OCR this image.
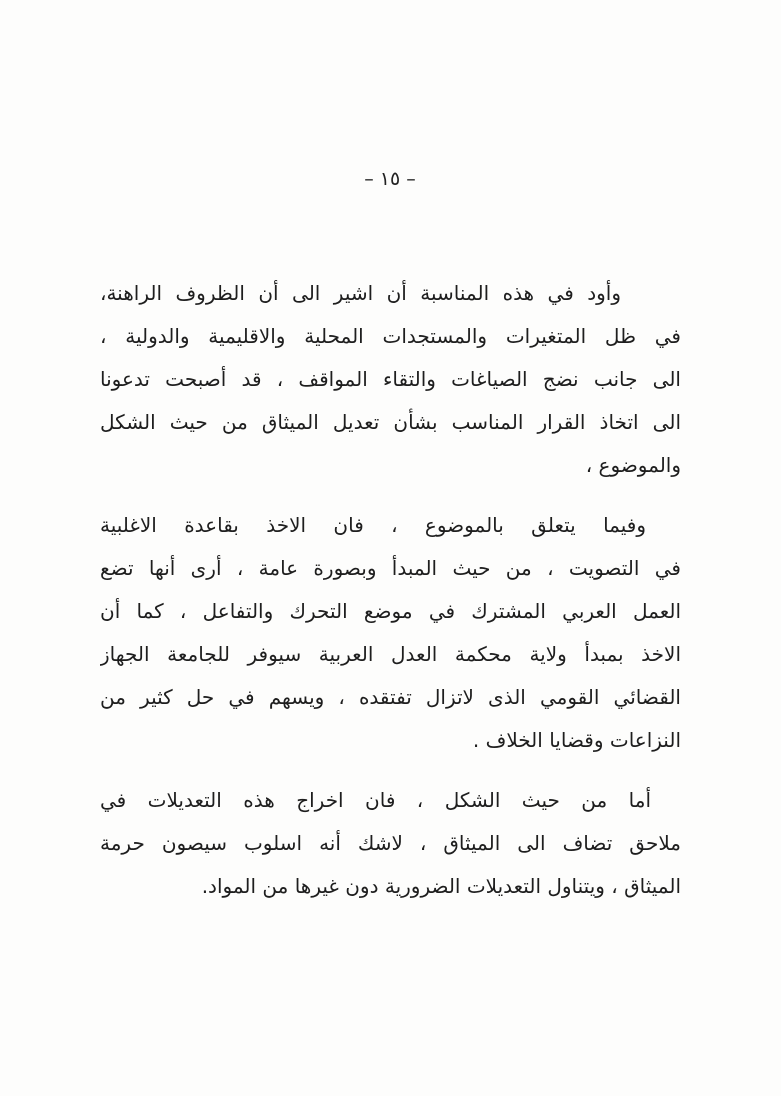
– ١٥ –
وأود في هذه المناسبة أن اشير الى أن الظروف الراهنة،
في ظل المتغيرات والمستجدات المحلية والاقليمية والدولية ،
الى جانب نضج الصياغات والتقاء المواقف ، قد أصبحت تدعونا
الى اتخاذ القرار المناسب بشأن تعديل الميثاق من حيث الشكل
والموضوع ،
وفيما يتعلق بالموضوع ، فان الاخذ بقاعدة الاغلبية
في التصويت ، من حيث المبدأ وبصورة عامة ، أرى أنها تضع
العمل العربي المشترك في موضع التحرك والتفاعل ، كما أن
الاخذ بمبدأ ولاية محكمة العدل العربية سيوفر للجامعة الجهاز
القضائي القومي الذى لاتزال تفتقده ، ويسهم في حل كثير من
النزاعات وقضايا الخلاف .
أما من حيث الشكل ، فان اخراج هذه التعديلات في
ملاحق تضاف الى الميثاق ، لاشك أنه اسلوب سيصون حرمة
الميثاق ، ويتناول التعديلات الضرورية دون غيرها من المواد.
